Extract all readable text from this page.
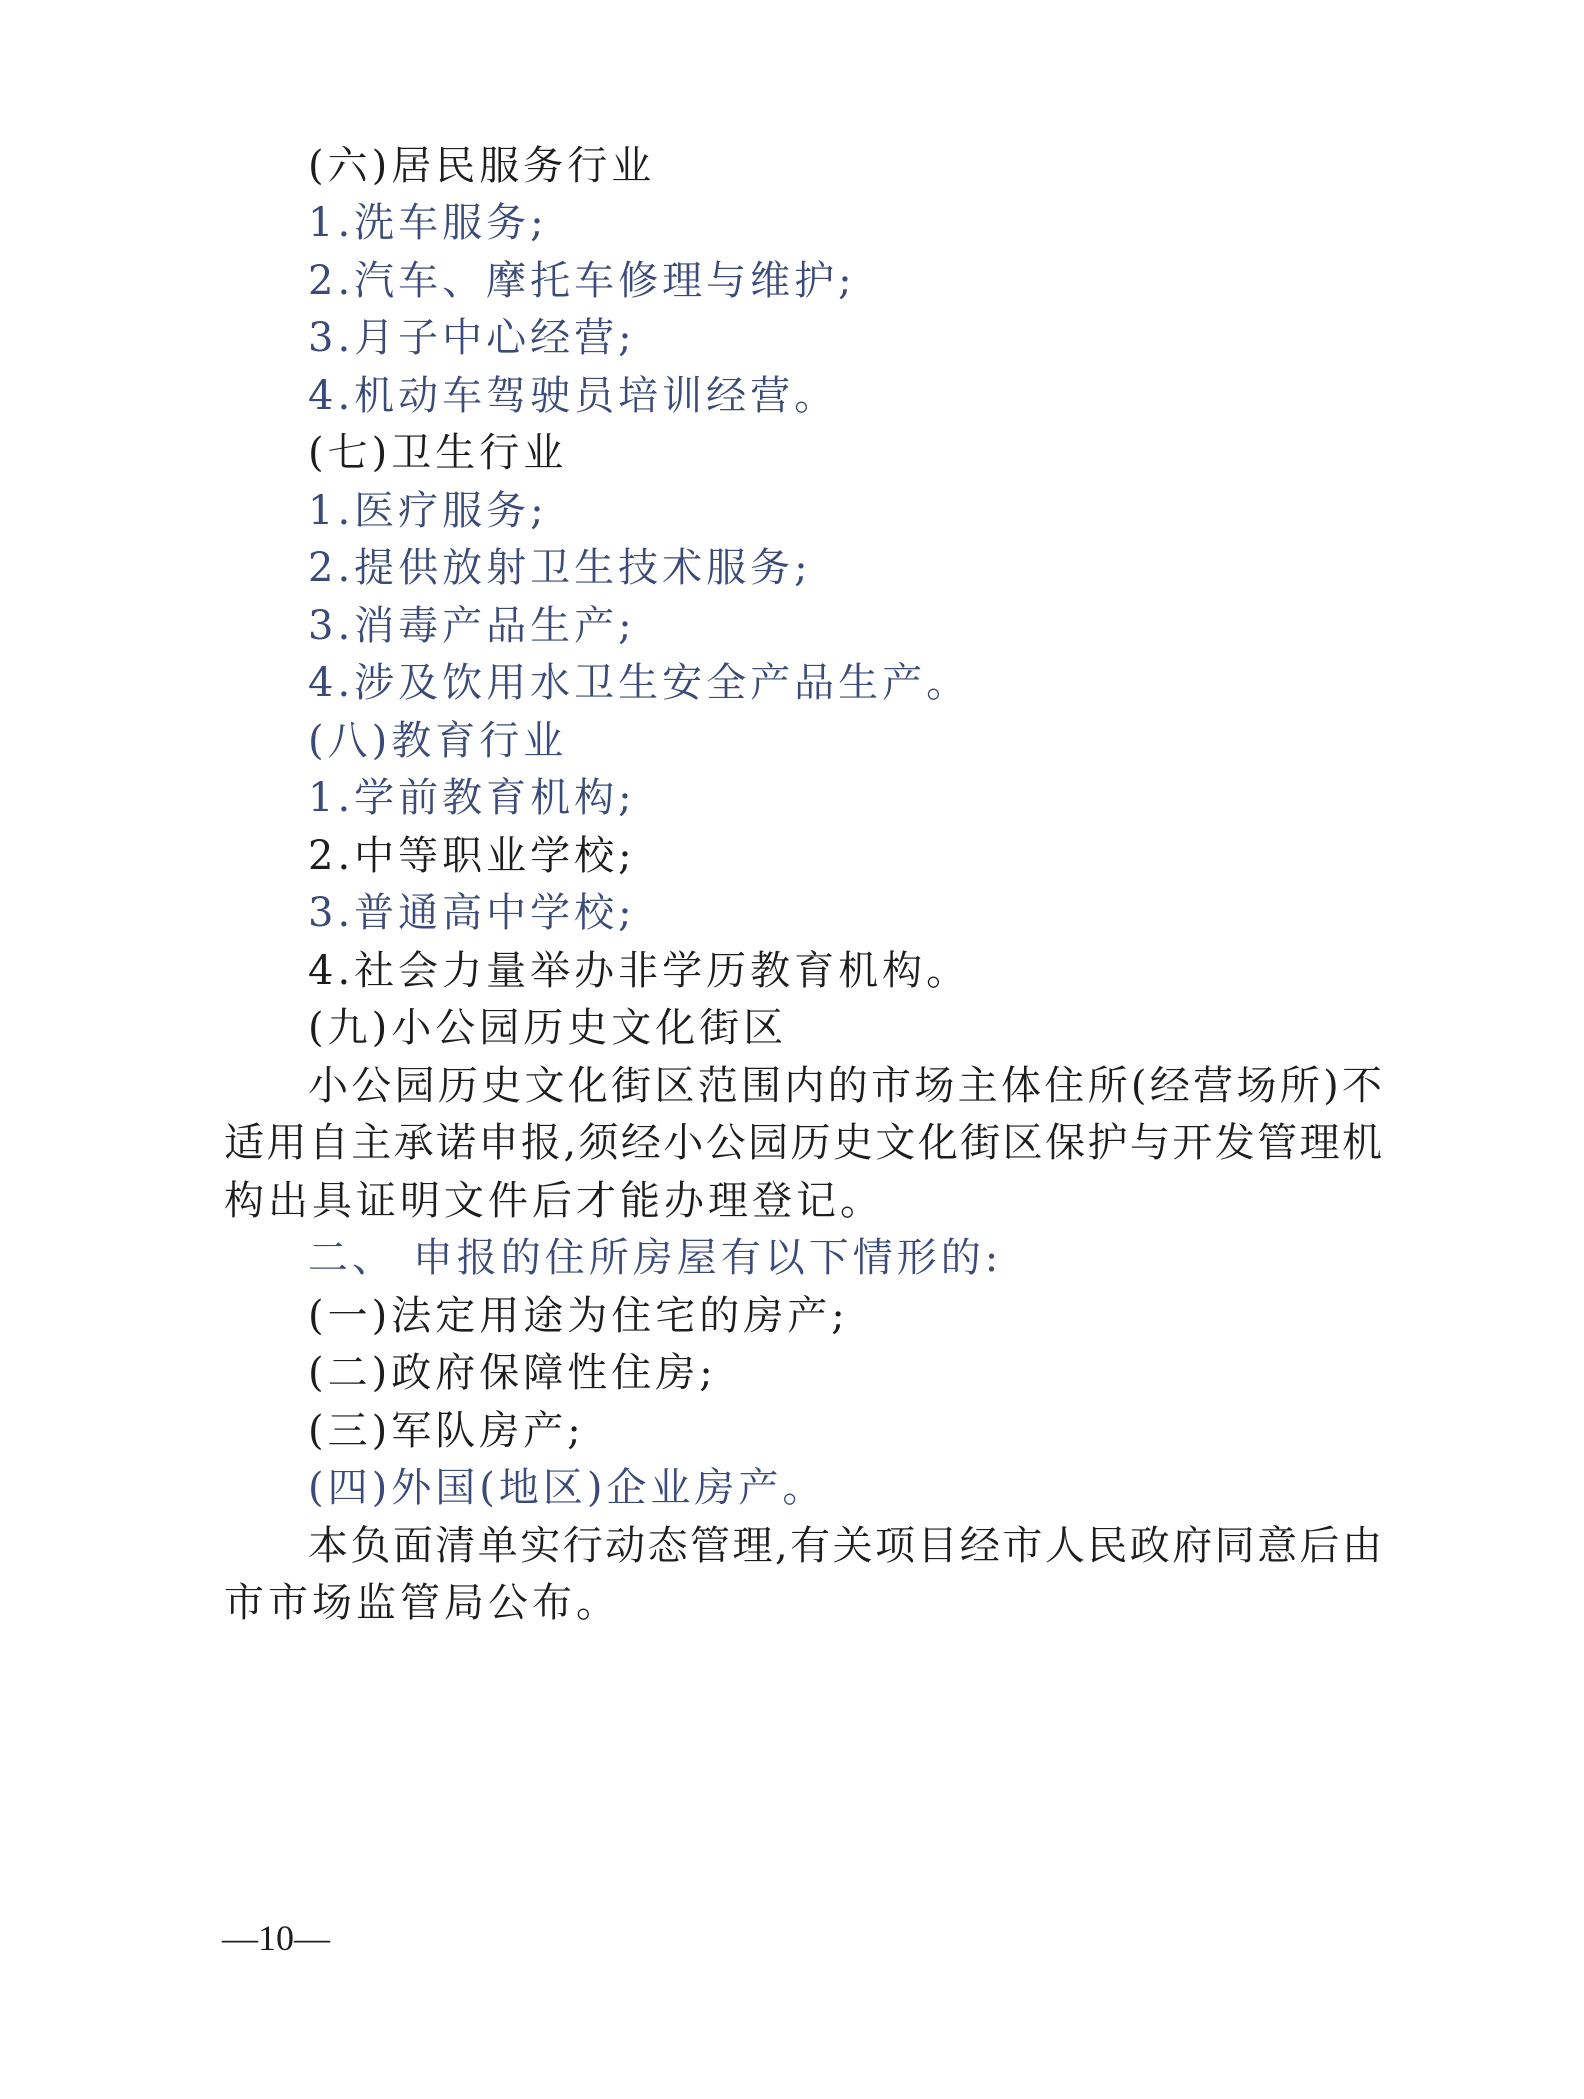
(六)居民服务行业
1.洗车服务;
2.汽车、摩托车修理与维护;
3.月子中心经营;
4.机动车驾驶员培训经营。
(七)卫生行业
1.医疗服务;
2.提供放射卫生技术服务;
3.消毒产品生产;
4.涉及饮用水卫生安全产品生产。
(八)教育行业
1.学前教育机构;
2.中等职业学校;
3.普通高中学校;
4.社会力量举办非学历教育机构。
(九)小公园历史文化街区
小公园历史文化街区范围内的市场主体住所(经营场所)不
适用自主承诺申报,须经小公园历史文化街区保护与开发管理机
构出具证明文件后才能办理登记。
二、 申报的住所房屋有以下情形的:
(一)法定用途为住宅的房产;
(二)政府保障性住房;
(三)军队房产;
(四)外国(地区)企业房产。
本负面清单实行动态管理,有关项目经市人民政府同意后由
市市场监管局公布。
—10—
